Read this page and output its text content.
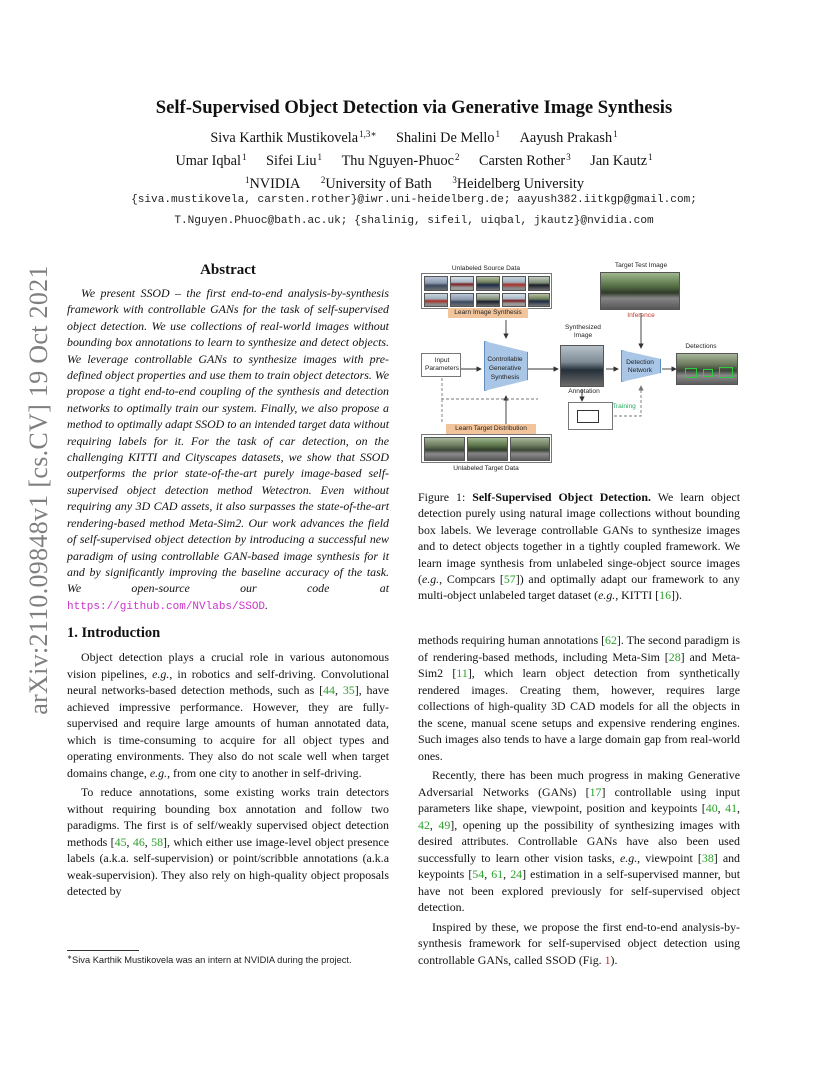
arXiv:2110.09848v1 [cs.CV] 19 Oct 2021
Self-Supervised Object Detection via Generative Image Synthesis
Siva Karthik Mustikovela$^{1,3∗}$ Shalini De Mello$^1$ Aayush Prakash$^1$
Umar Iqbal$^1$ Sifei Liu$^1$ Thu Nguyen-Phuoc$^2$ Carsten Rother$^3$ Jan Kautz$^1$
$^1$NVIDIA $^2$University of Bath $^3$Heidelberg University
{siva.mustikovela, carsten.rother}@iwr.uni-heidelberg.de; aayush382.iitkgp@gmail.com;
T.Nguyen.Phuoc@bath.ac.uk; {shalinig, sifeil, uiqbal, jkautz}@nvidia.com
Abstract

We present SSOD – the first end-to-end analysis-by-synthesis framework with controllable GANs for the task of self-supervised object detection. We use collections of real-world images without bounding box annotations to learn to synthesize and detect objects. We leverage controllable GANs to synthesize images with pre-defined object properties and use them to train object detectors. We propose a tight end-to-end coupling of the synthesis and detection networks to optimally train our system. Finally, we also propose a method to optimally adapt SSOD to an intended target data without requiring labels for it. For the task of car detection, on the challenging KITTI and Cityscapes datasets, we show that SSOD outperforms the prior state-of-the-art purely image-based self-supervised object detection method Wetectron. Even without requiring any 3D CAD assets, it also surpasses the state-of-the-art rendering-based method Meta-Sim2. Our work advances the field of self-supervised object detection by introducing a successful new paradigm of using controllable GAN-based image synthesis for it and by significantly improving the baseline accuracy of the task. We open-source our code at https://github.com/NVlabs/SSOD.

1. Introduction

Object detection plays a crucial role in various autonomous vision pipelines, e.g., in robotics and self-driving. Convolutional neural networks-based detection methods, such as [44, 35], have achieved impressive performance. However, they are fully-supervised and require large amounts of human annotated data, which is time-consuming to acquire for all object types and operating environments. They also do not scale well when target domains change, e.g., from one city to another in self-driving.

To reduce annotations, some existing works train detectors without requiring bounding box annotation and follow two paradigms. The first is of self/weakly supervised object detection methods [45, 46, 58], which either use image-level object presence labels (a.k.a. self-supervision) or point/scribble annotations (a.k.a weak-supervision). They also rely on high-quality object proposals detected by

∗Siva Karthik Mustikovela was an intern at NVIDIA during the project.
Unlabeled Source Data
Learn Image Synthesis
Target Test Image
Inference
Synthesized
Image
Input
Parameters
Controllable
Generative
Synthesis
Detection
Network
Detections
Annotation
Training
Learn Target Distribution
Unlabeled Target Data

Figure 1: Self-Supervised Object Detection. We learn object detection purely using natural image collections without bounding box labels. We leverage controllable GANs to synthesize images and to detect objects together in a tightly coupled framework. We learn image synthesis from unlabeled singe-object source images (e.g., Compcars [57]) and optimally adapt our framework to any multi-object unlabeled target dataset (e.g., KITTI [16]).

methods requiring human annotations [62]. The second paradigm is of rendering-based methods, including Meta-Sim [28] and Meta-Sim2 [11], which learn object detection from synthetically rendered images. Creating them, however, requires large collections of high-quality 3D CAD models for all the objects in the scene, manual scene setups and expensive rendering engines. Such images also tends to have a large domain gap from real-world ones.

Recently, there has been much progress in making Generative Adversarial Networks (GANs) [17] controllable using input parameters like shape, viewpoint, position and keypoints [40, 41, 42, 49], opening up the possibility of synthesizing images with desired attributes. Controllable GANs have also been used successfully to learn other vision tasks, e.g., viewpoint [38] and keypoints [54, 61, 24] estimation in a self-supervised manner, but have not been explored previously for self-supervised object detection.

Inspired by these, we propose the first end-to-end analysis-by-synthesis framework for self-supervised object detection using controllable GANs, called SSOD (Fig. 1).
